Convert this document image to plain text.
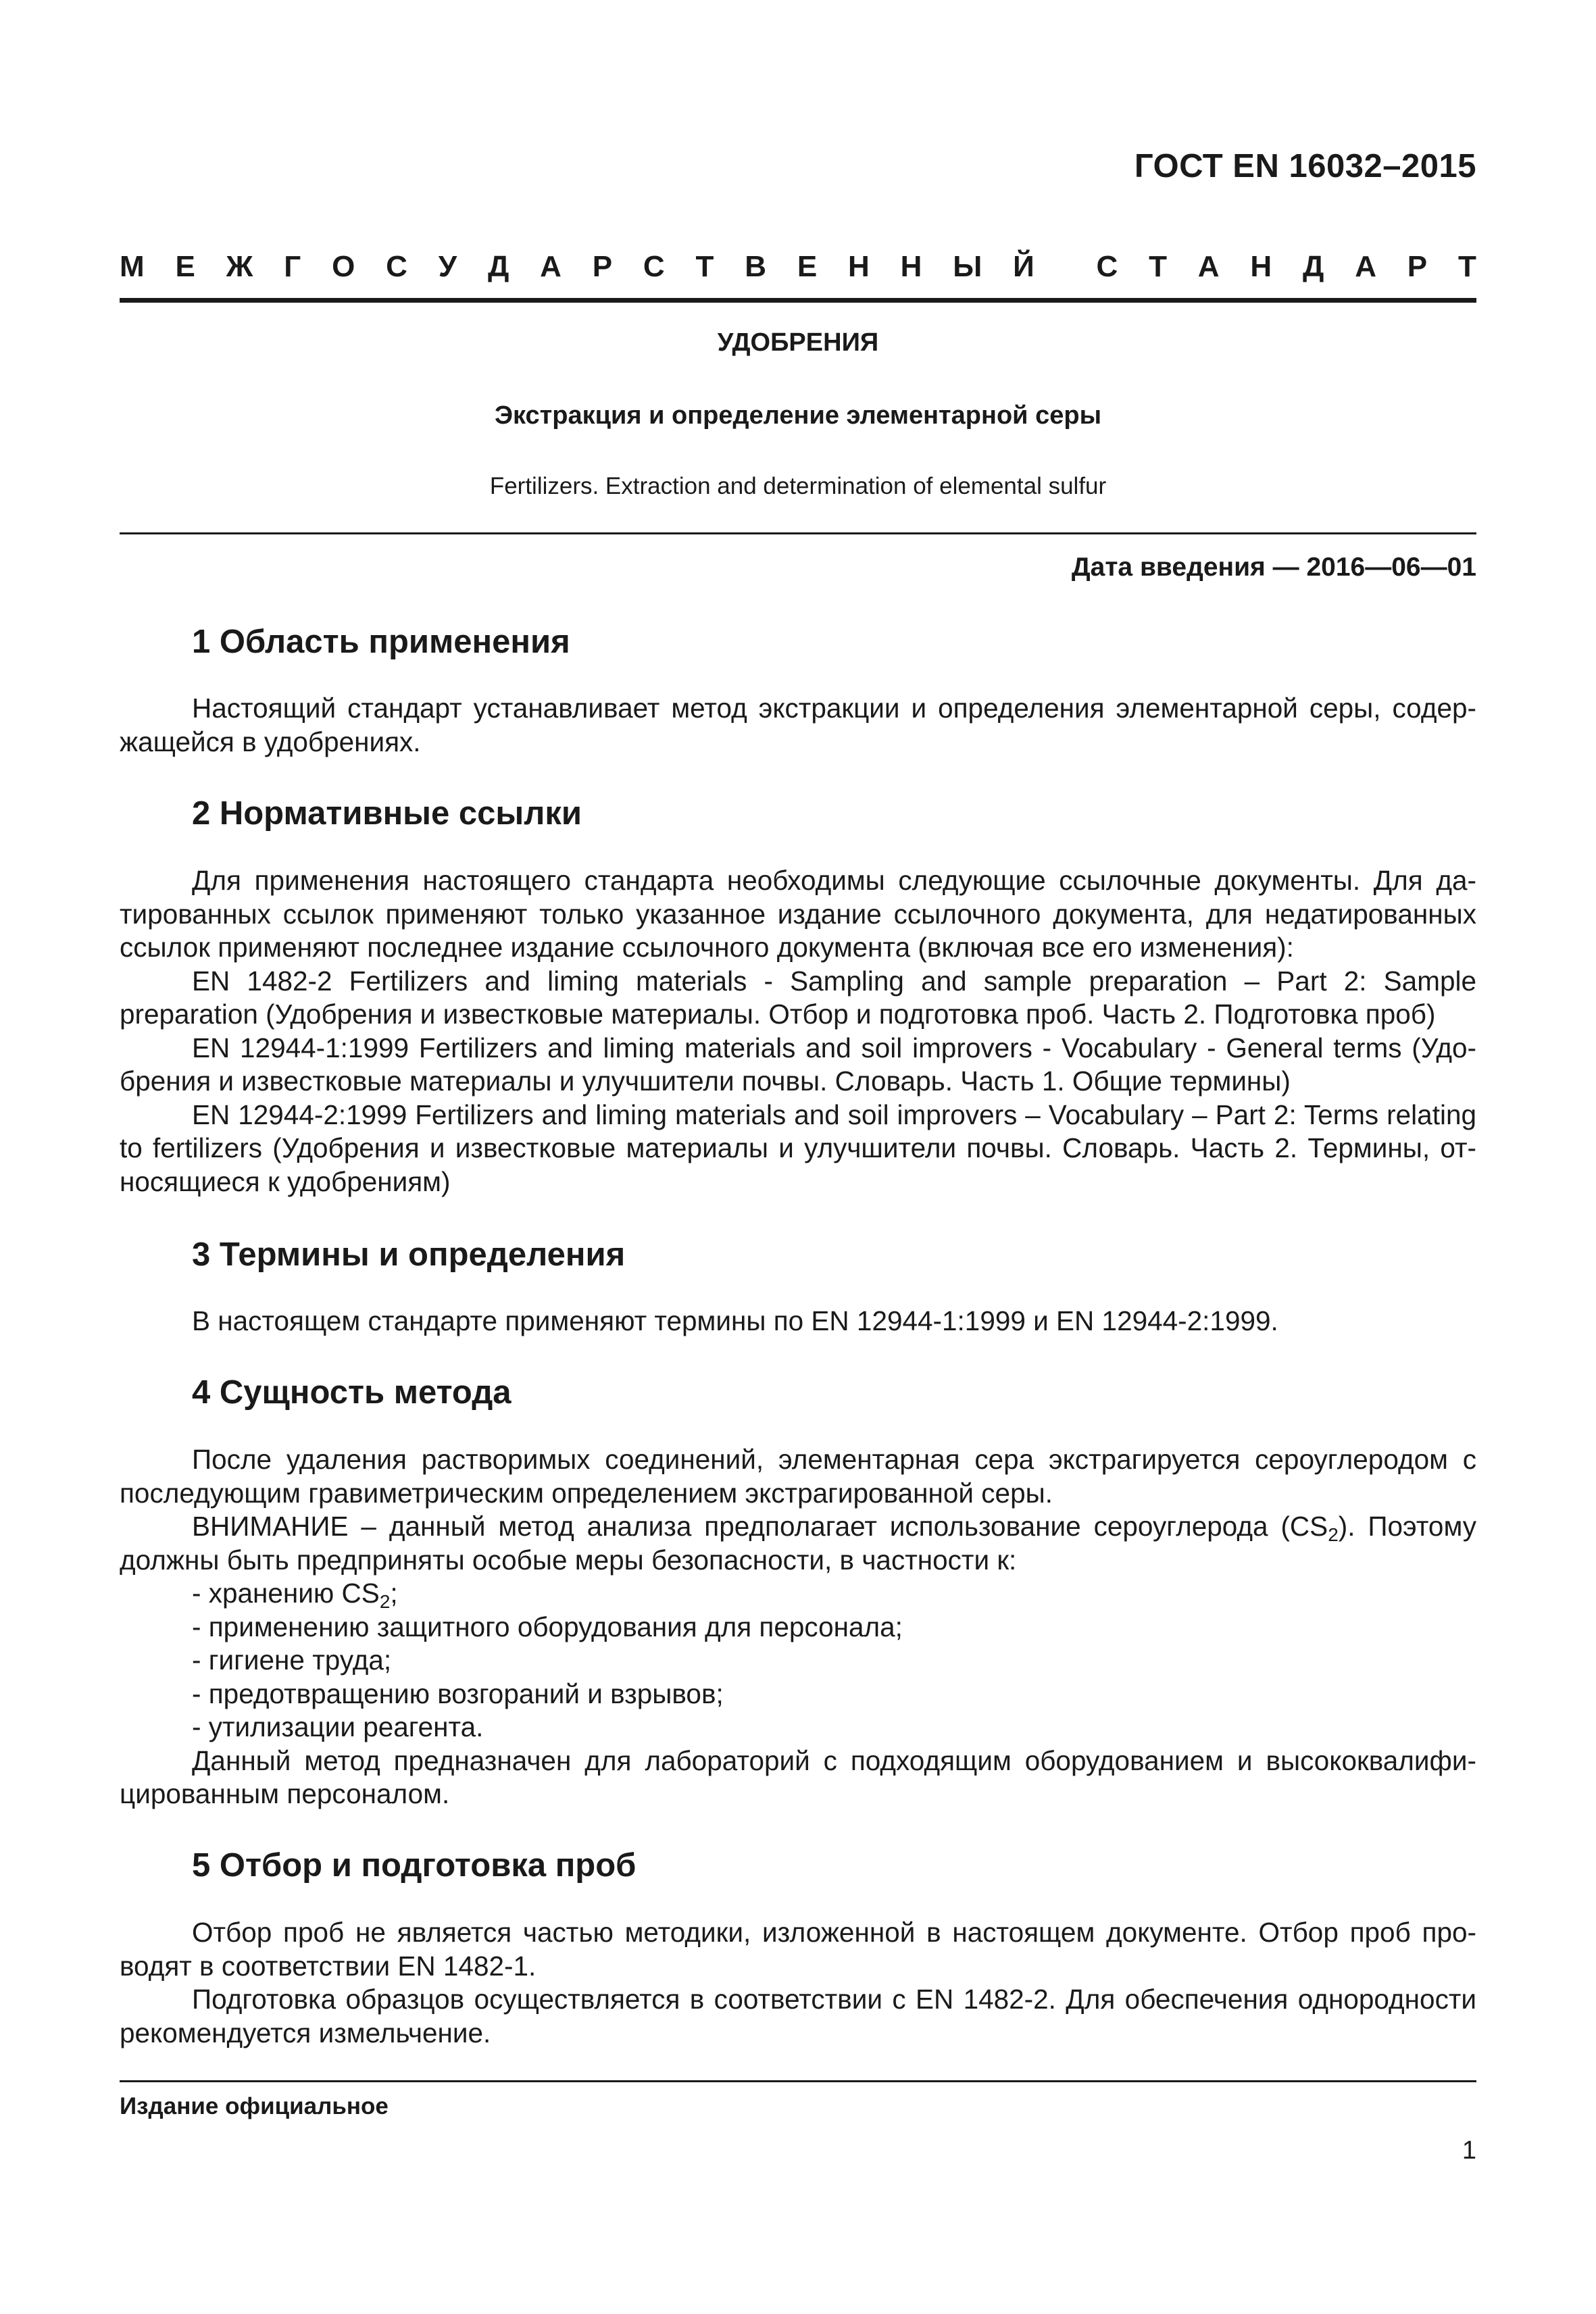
ГОСТ EN 16032–2015
М Е Ж Г О С У Д А Р С Т В Е Н Н Ы Й С Т А Н Д А Р Т
УДОБРЕНИЯ
Экстракция и определение элементарной серы
Fertilizers. Extraction and determination of elemental sulfur
Дата введения — 2016—06—01
1 Область применения

Настоящий стандарт устанавливает метод экстракции и определения элементарной серы, содер- жащейся в удобрениях.

2 Нормативные ссылки

Для применения настоящего стандарта необходимы следующие ссылочные документы. Для да- тированных ссылок применяют только указанное издание ссылочного документа, для недатированных ссылок применяют последнее издание ссылочного документа (включая все его изменения):

EN 1482-2 Fertilizers and liming materials - Sampling and sample preparation – Part 2: Sample preparation (Удобрения и известковые материалы. Отбор и подготовка проб. Часть 2. Подготовка проб)

EN 12944-1:1999 Fertilizers and liming materials and soil improvers - Vocabulary - General terms (Удо- брения и известковые материалы и улучшители почвы. Словарь. Часть 1. Общие термины)

EN 12944-2:1999 Fertilizers and liming materials and soil improvers – Vocabulary – Part 2: Terms relating to fertilizers (Удобрения и известковые материалы и улучшители почвы. Словарь. Часть 2. Термины, от- носящиеся к удобрениям)

3 Термины и определения

В настоящем стандарте применяют термины по EN 12944-1:1999 и EN 12944-2:1999.

4 Сущность метода

После удаления растворимых соединений, элементарная сера экстрагируется сероуглеродом с последующим гравиметрическим определением экстрагированной серы.

ВНИМАНИЕ – данный метод анализа предполагает использование сероуглерода $(CS_2)$. Поэтому должны быть предприняты особые меры безопасности, в частности к:

- хранению $CS_2$;

- применению защитного оборудования для персонала;

- гигиене труда;

- предотвращению возгораний и взрывов;

- утилизации реагента.

Данный метод предназначен для лабораторий с подходящим оборудованием и высококвалифи- цированным персоналом.

5 Отбор и подготовка проб

Отбор проб не является частью методики, изложенной в настоящем документе. Отбор проб про- водят в соответствии EN 1482-1.

Подготовка образцов осуществляется в соответствии с EN 1482-2. Для обеспечения однородности рекомендуется измельчение.

Издание официальное
1
